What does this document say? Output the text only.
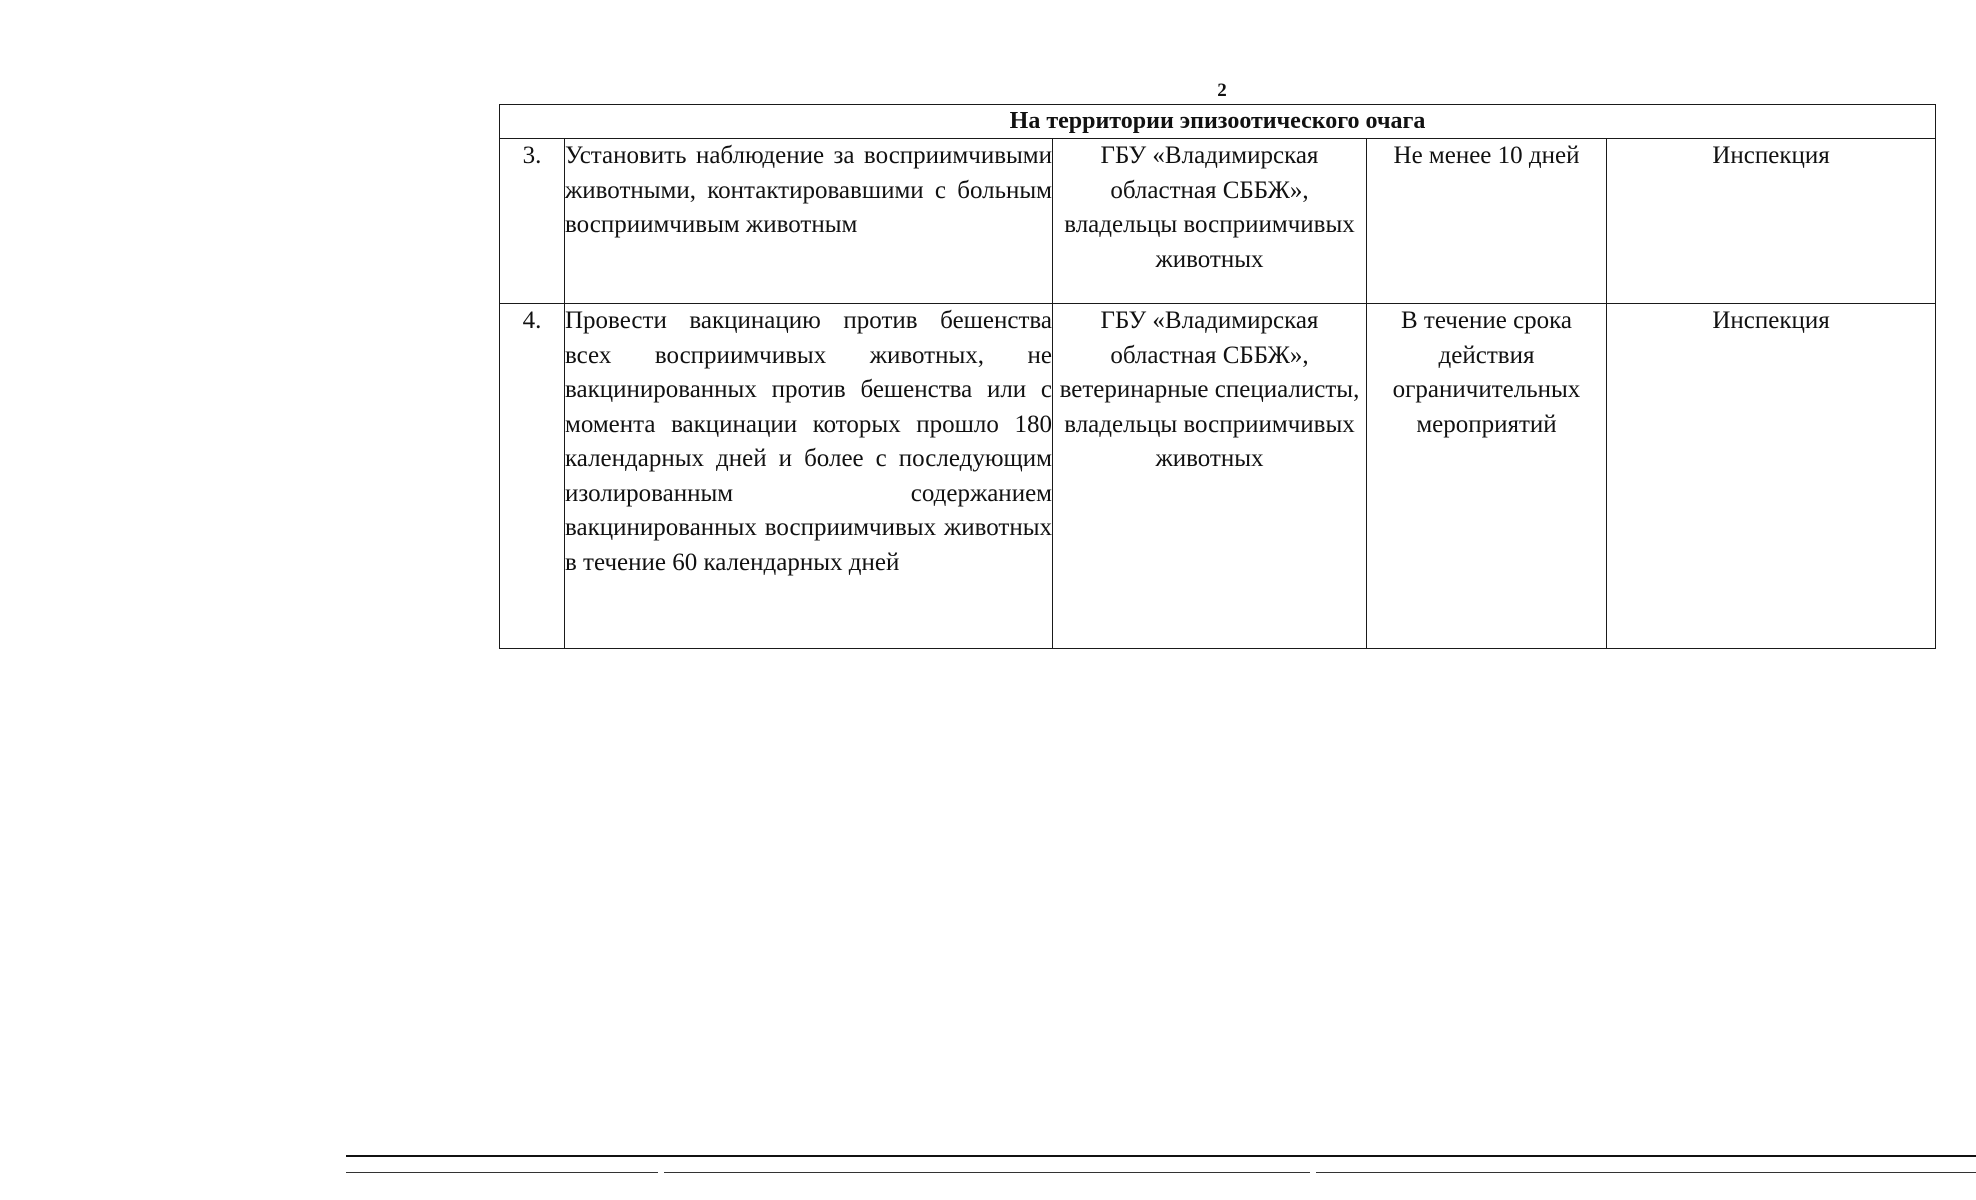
2
На территории эпизоотического очага				
3.	Установить наблюдение за восприимчивыми животными, контактировавшими с больным восприимчивым животным	ГБУ «Владимирская областная СББЖ», владельцы восприимчивых животных	Не менее 10 дней	Инспекция
4.	Провести вакцинацию против бешенства всех восприимчивых животных, не вакцинированных против бешенства или с момента вакцинации которых прошло 180 календарных дней и более с последующим изолированным содержанием вакцинированных восприимчивых животных в течение 60 календарных дней	ГБУ «Владимирская областная СББЖ», ветеринарные специалисты, владельцы восприимчивых животных	В течение срока действия ограничительных мероприятий	Инспекция
